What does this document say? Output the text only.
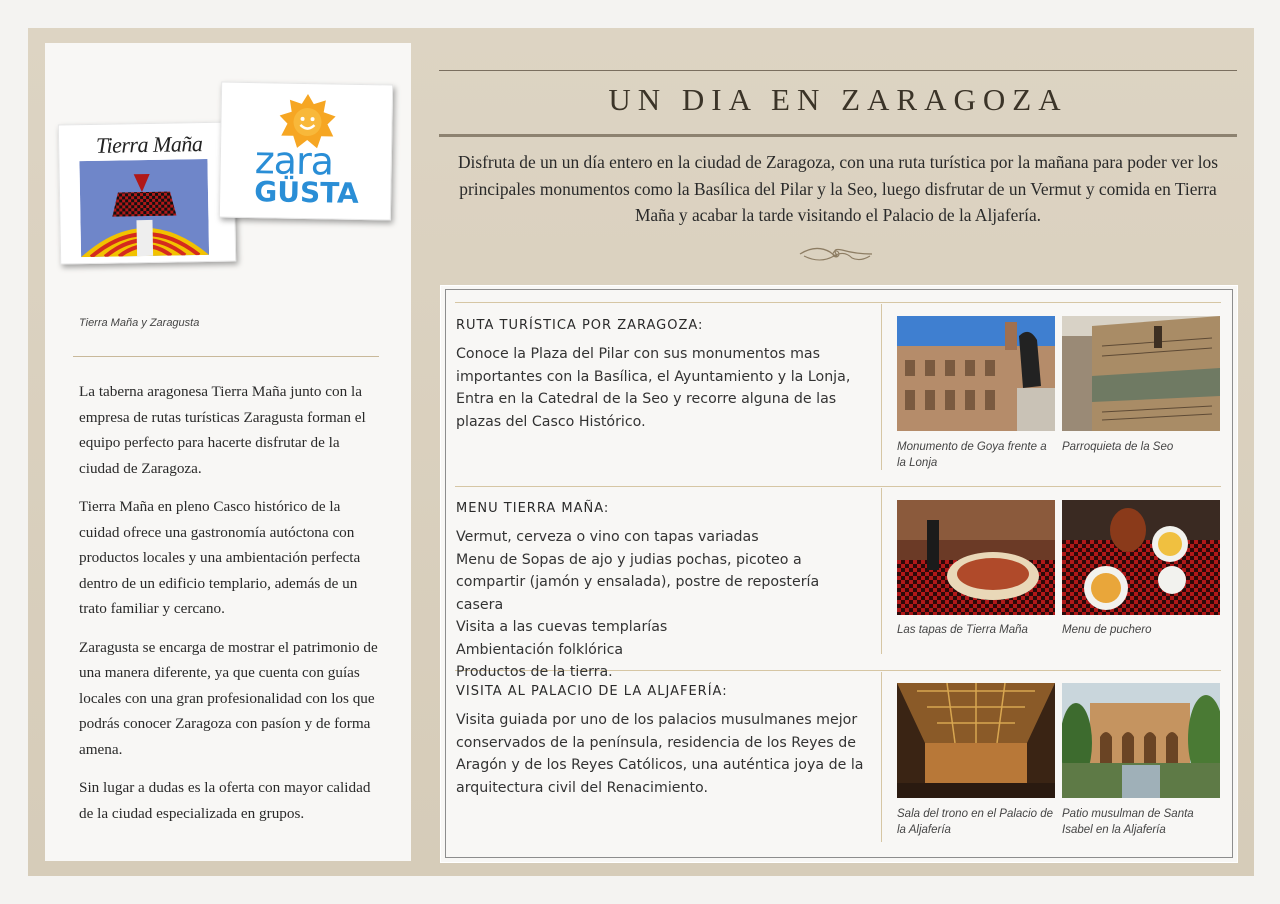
Tierra Maña	zara
GÜSTA
Tierra Maña y Zaragusta

La taberna aragonesa Tierra Maña junto con la empresa de rutas turísticas Zaragusta forman el equipo perfecto para hacerte disfrutar de la ciudad de Zaragoza.

Tierra Maña en pleno Casco histórico de la cuidad ofrece una gastronomía autóctona con productos locales y una ambientación perfecta dentro de un edificio templario, además de un trato familiar y cercano.

Zaragusta se encarga de mostrar el patrimonio de una manera diferente, ya que cuenta con guías locales con una gran profesionalidad con los que podrás conocer Zaragoza con pasíon y de forma amena.

Sin lugar a dudas es la oferta con mayor calidad de la ciudad especializada en grupos.

UN DIA EN ZARAGOZA
Disfruta de un un día entero en la ciudad de Zaragoza, con una ruta turística por la mañana para poder ver los principales monumentos como la Basílica del Pilar y la Seo, luego disfrutar de un Vermut y comida en Tierra Maña y acabar la tarde visitando el Palacio de la Aljafería.
RUTA TURÍSTICA POR ZARAGOZA:
Conoce la Plaza del Pilar con sus monumentos mas
importantes con la Basílica, el Ayuntamiento y la Lonja,
Entra en la Catedral de la Seo y recorre alguna de las
plazas del Casco Histórico.
Monumento de Goya frente a la Lonja
Parroquieta de la Seo
MENU TIERRA MAÑA:
Vermut, cerveza o vino con tapas variadas
Menu de Sopas de ajo y judias pochas, picoteo a
compartir (jamón y ensalada), postre de repostería casera
Visita a las cuevas templarías
Ambientación folklórica
Productos de la tierra.
Las tapas de Tierra Maña	Menu de puchero
VISITA AL PALACIO DE LA ALJAFERÍA:
Visita guiada por uno de los palacios musulmanes mejor
conservados de la península, residencia de los Reyes de
Aragón y de los Reyes Católicos, una auténtica joya de la
arquitectura civil del Renacimiento.
Sala del trono en el Palacio de la Aljafería
Patio musulman de Santa Isabel en la Aljafería
